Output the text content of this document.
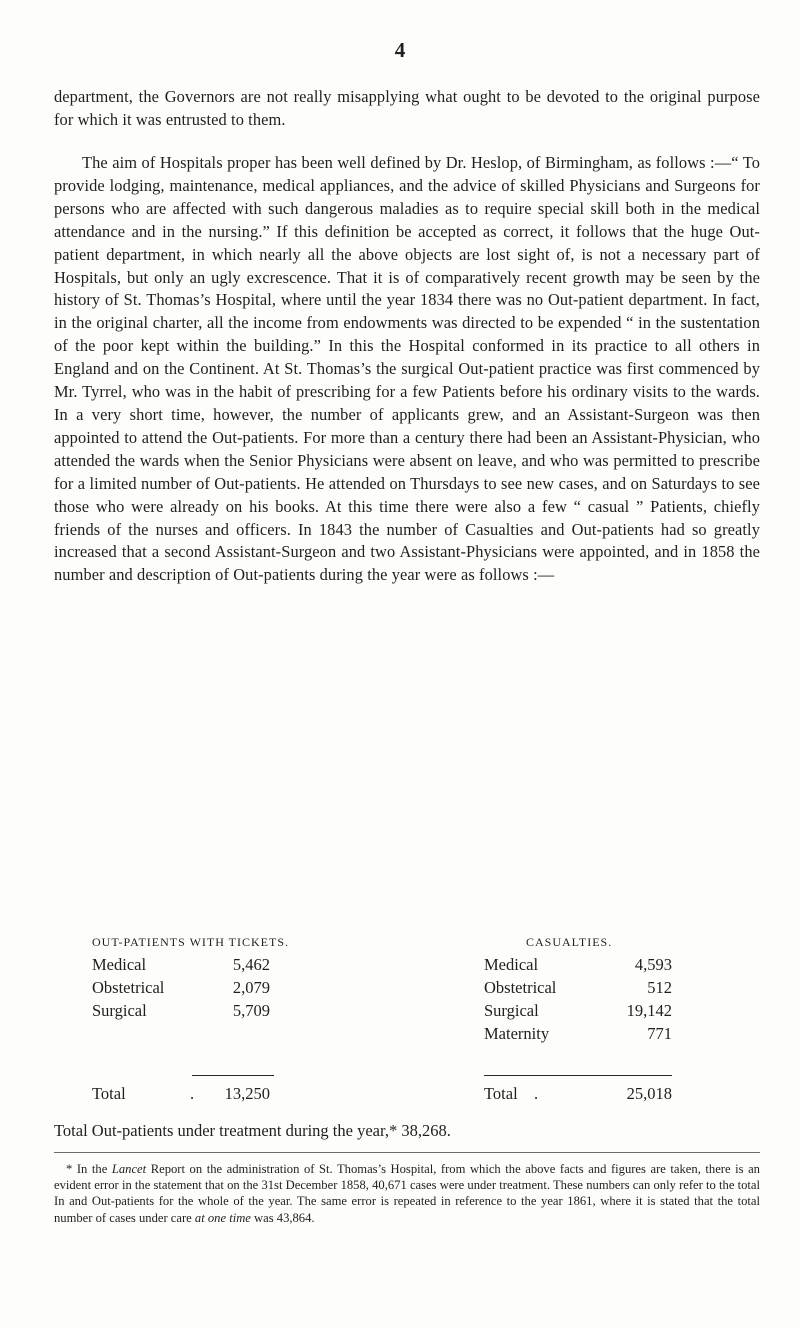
4

department, the Governors are not really misapplying what ought to be devoted to the original purpose for which it was entrusted to them.

The aim of Hospitals proper has been well defined by Dr. Heslop, of Birmingham, as follows :—“ To provide lodging, maintenance, medical appliances, and the advice of skilled Physicians and Surgeons for persons who are affected with such dangerous maladies as to require special skill both in the medical attendance and in the nursing.” If this definition be accepted as correct, it follows that the huge Out-patient department, in which nearly all the above objects are lost sight of, is not a necessary part of Hospitals, but only an ugly excrescence. That it is of comparatively recent growth may be seen by the history of St. Thomas’s Hospital, where until the year 1834 there was no Out-patient department. In fact, in the original charter, all the income from endowments was directed to be expended “ in the sustentation of the poor kept within the building.” In this the Hospital conformed in its practice to all others in England and on the Continent. At St. Thomas’s the surgical Out-patient practice was first commenced by Mr. Tyrrel, who was in the habit of prescribing for a few Patients before his ordinary visits to the wards. In a very short time, however, the number of applicants grew, and an Assistant-Surgeon was then appointed to attend the Out-patients. For more than a century there had been an Assistant-Physician, who attended the wards when the Senior Physicians were absent on leave, and who was permitted to prescribe for a limited number of Out-patients. He attended on Thursdays to see new cases, and on Saturdays to see those who were already on his books. At this time there were also a few “ casual ” Patients, chiefly friends of the nurses and officers. In 1843 the number of Casualties and Out-patients had so greatly increased that a second Assistant-Surgeon and two Assistant-Physicians were appointed, and in 1858 the number and description of Out-patients during the year were as follows :—

OUT-PATIENTS WITH TICKETS.
Medical	5,462
Obstetrical	2,079
Surgical	5,709
Total	.	13,250
CASUALTIES.
Medical	4,593
Obstetrical	512
Surgical	19,142
Maternity	771
Total .	25,018
Total Out-patients under treatment during the year,* 38,268.

* In the Lancet Report on the administration of St. Thomas’s Hospital, from which the above facts and figures are taken, there is an evident error in the statement that on the 31st December 1858, 40,671 cases were under treatment. These numbers can only refer to the total In and Out-patients for the whole of the year. The same error is repeated in reference to the year 1861, where it is stated that the total number of cases under care at one time was 43,864.
